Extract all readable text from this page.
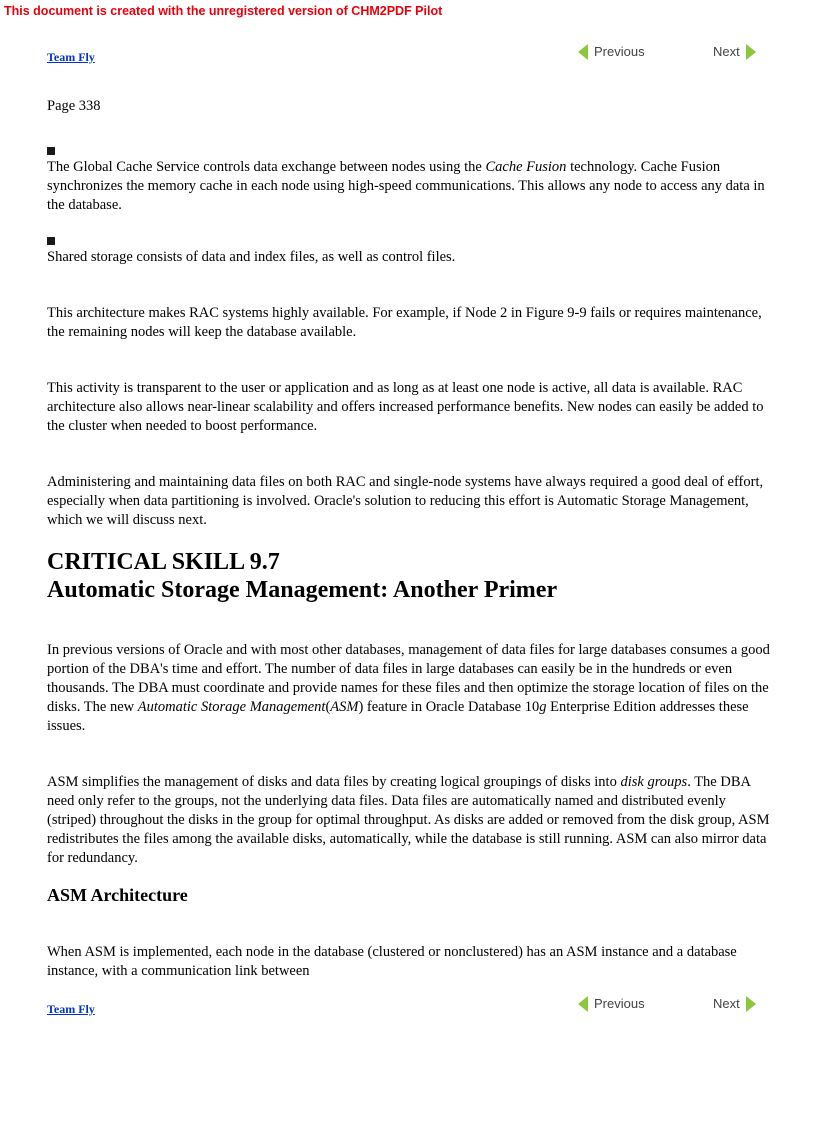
This document is created with the unregistered version of CHM2PDF Pilot
Team Fly	Previous	Next

Page 338

The Global Cache Service controls data exchange between nodes using the Cache Fusion technology. Cache Fusion synchronizes the memory cache in each node using high-speed communications. This allows any node to access any data in the database.

Shared storage consists of data and index files, as well as control files.

This architecture makes RAC systems highly available. For example, if Node 2 in Figure 9-9 fails or requires maintenance, the remaining nodes will keep the database available.

This activity is transparent to the user or application and as long as at least one node is active, all data is available. RAC architecture also allows near-linear scalability and offers increased performance benefits. New nodes can easily be added to the cluster when needed to boost performance.

Administering and maintaining data files on both RAC and single-node systems have always required a good deal of effort, especially when data partitioning is involved. Oracle's solution to reducing this effort is Automatic Storage Management, which we will discuss next.

CRITICAL SKILL 9.7
Automatic Storage Management: Another Primer

In previous versions of Oracle and with most other databases, management of data files for large databases consumes a good portion of the DBA's time and effort. The number of data files in large databases can easily be in the hundreds or even thousands. The DBA must coordinate and provide names for these files and then optimize the storage location of files on the disks. The new Automatic Storage Management(ASM) feature in Oracle Database 10g Enterprise Edition addresses these issues.

ASM simplifies the management of disks and data files by creating logical groupings of disks into disk groups. The DBA need only refer to the groups, not the underlying data files. Data files are automatically named and distributed evenly (striped) throughout the disks in the group for optimal throughput. As disks are added or removed from the disk group, ASM redistributes the files among the available disks, automatically, while the database is still running. ASM can also mirror data for redundancy.

ASM Architecture

When ASM is implemented, each node in the database (clustered or nonclustered) has an ASM instance and a database instance, with a communication link between

Team Fly	Previous	Next
